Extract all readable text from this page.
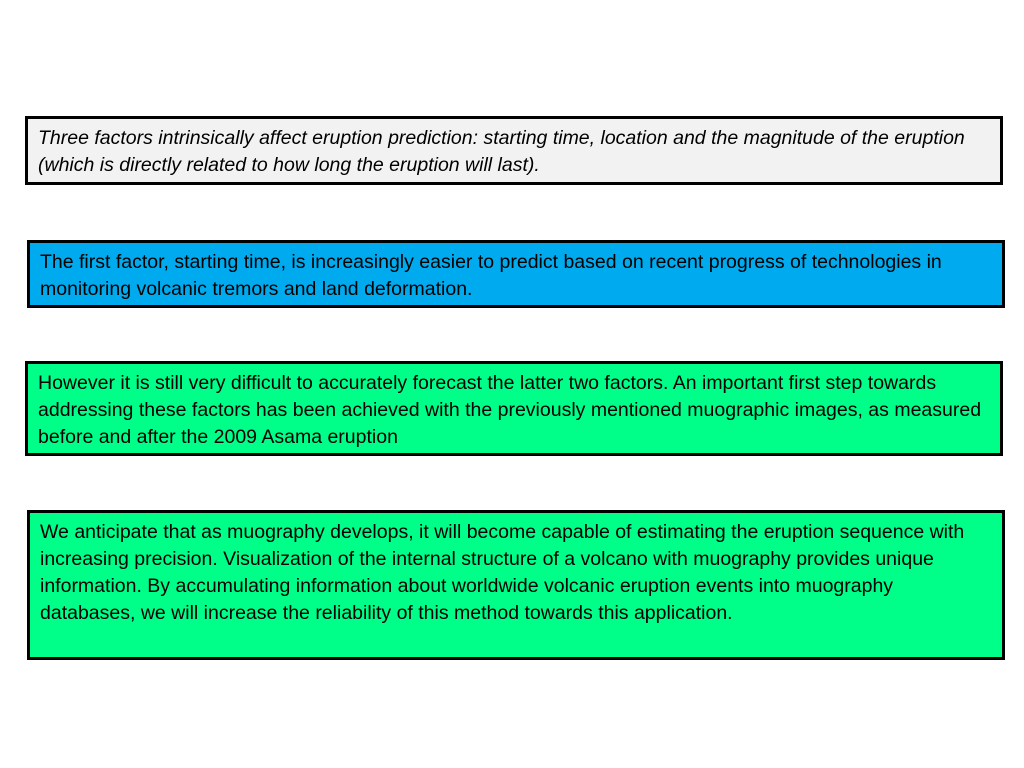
Three factors intrinsically affect eruption prediction: starting time, location and the magnitude of the eruption (which is directly related to how long the eruption will last).

The first factor, starting time, is increasingly easier to predict based on recent progress of technologies in monitoring volcanic tremors and land deformation.

However it is still very difficult to accurately forecast the latter two factors. An important first step towards addressing these factors has been achieved with the previously mentioned muographic images, as measured before and after the 2009 Asama eruption

We anticipate that as muography develops, it will become capable of estimating the eruption sequence with increasing precision. Visualization of the internal structure of a volcano with muography provides unique information. By accumulating information about worldwide volcanic eruption events into muography databases, we will increase the reliability of this method towards this application.
